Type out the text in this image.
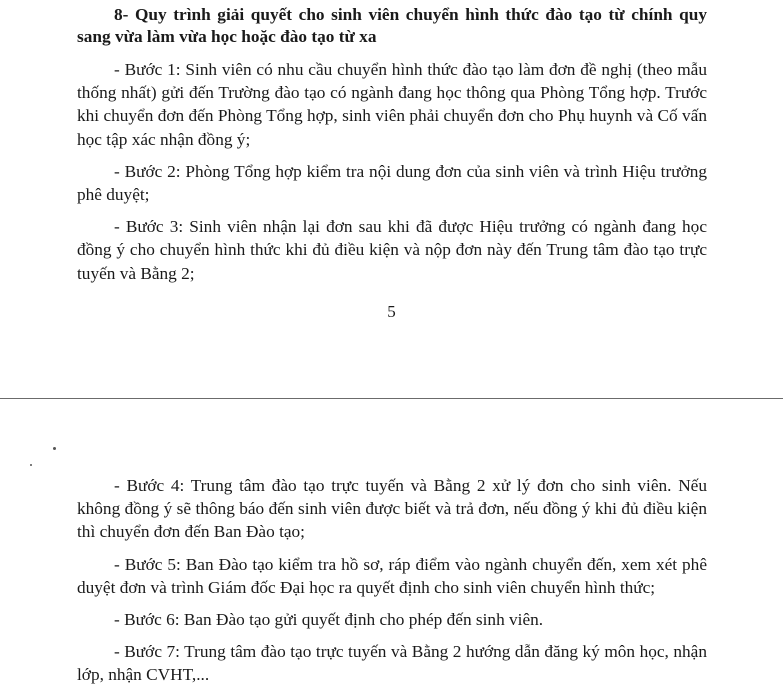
8- Quy trình giải quyết cho sinh viên chuyển hình thức đào tạo từ chính quy sang vừa làm vừa học hoặc đào tạo từ xa

- Bước 1: Sinh viên có nhu cầu chuyển hình thức đào tạo làm đơn đề nghị (theo mẫu thống nhất) gửi đến Trường đào tạo có ngành đang học thông qua Phòng Tổng hợp. Trước khi chuyển đơn đến Phòng Tổng hợp, sinh viên phải chuyển đơn cho Phụ huynh và Cố vấn học tập xác nhận đồng ý;

- Bước 2: Phòng Tổng hợp kiểm tra nội dung đơn của sinh viên và trình Hiệu trưởng phê duyệt;

- Bước 3: Sinh viên nhận lại đơn sau khi đã được Hiệu trưởng có ngành đang học đồng ý cho chuyển hình thức khi đủ điều kiện và nộp đơn này đến Trung tâm đào tạo trực tuyến và Bằng 2;

5

- Bước 4: Trung tâm đào tạo trực tuyến và Bằng 2 xử lý đơn cho sinh viên. Nếu không đồng ý sẽ thông báo đến sinh viên được biết và trả đơn, nếu đồng ý khi đủ điều kiện thì chuyển đơn đến Ban Đào tạo;

- Bước 5: Ban Đào tạo kiểm tra hồ sơ, ráp điểm vào ngành chuyển đến, xem xét phê duyệt đơn và trình Giám đốc Đại học ra quyết định cho sinh viên chuyển hình thức;

- Bước 6: Ban Đào tạo gửi quyết định cho phép đến sinh viên.

- Bước 7: Trung tâm đào tạo trực tuyến và Bằng 2 hướng dẫn đăng ký môn học, nhận lớp, nhận CVHT,...
